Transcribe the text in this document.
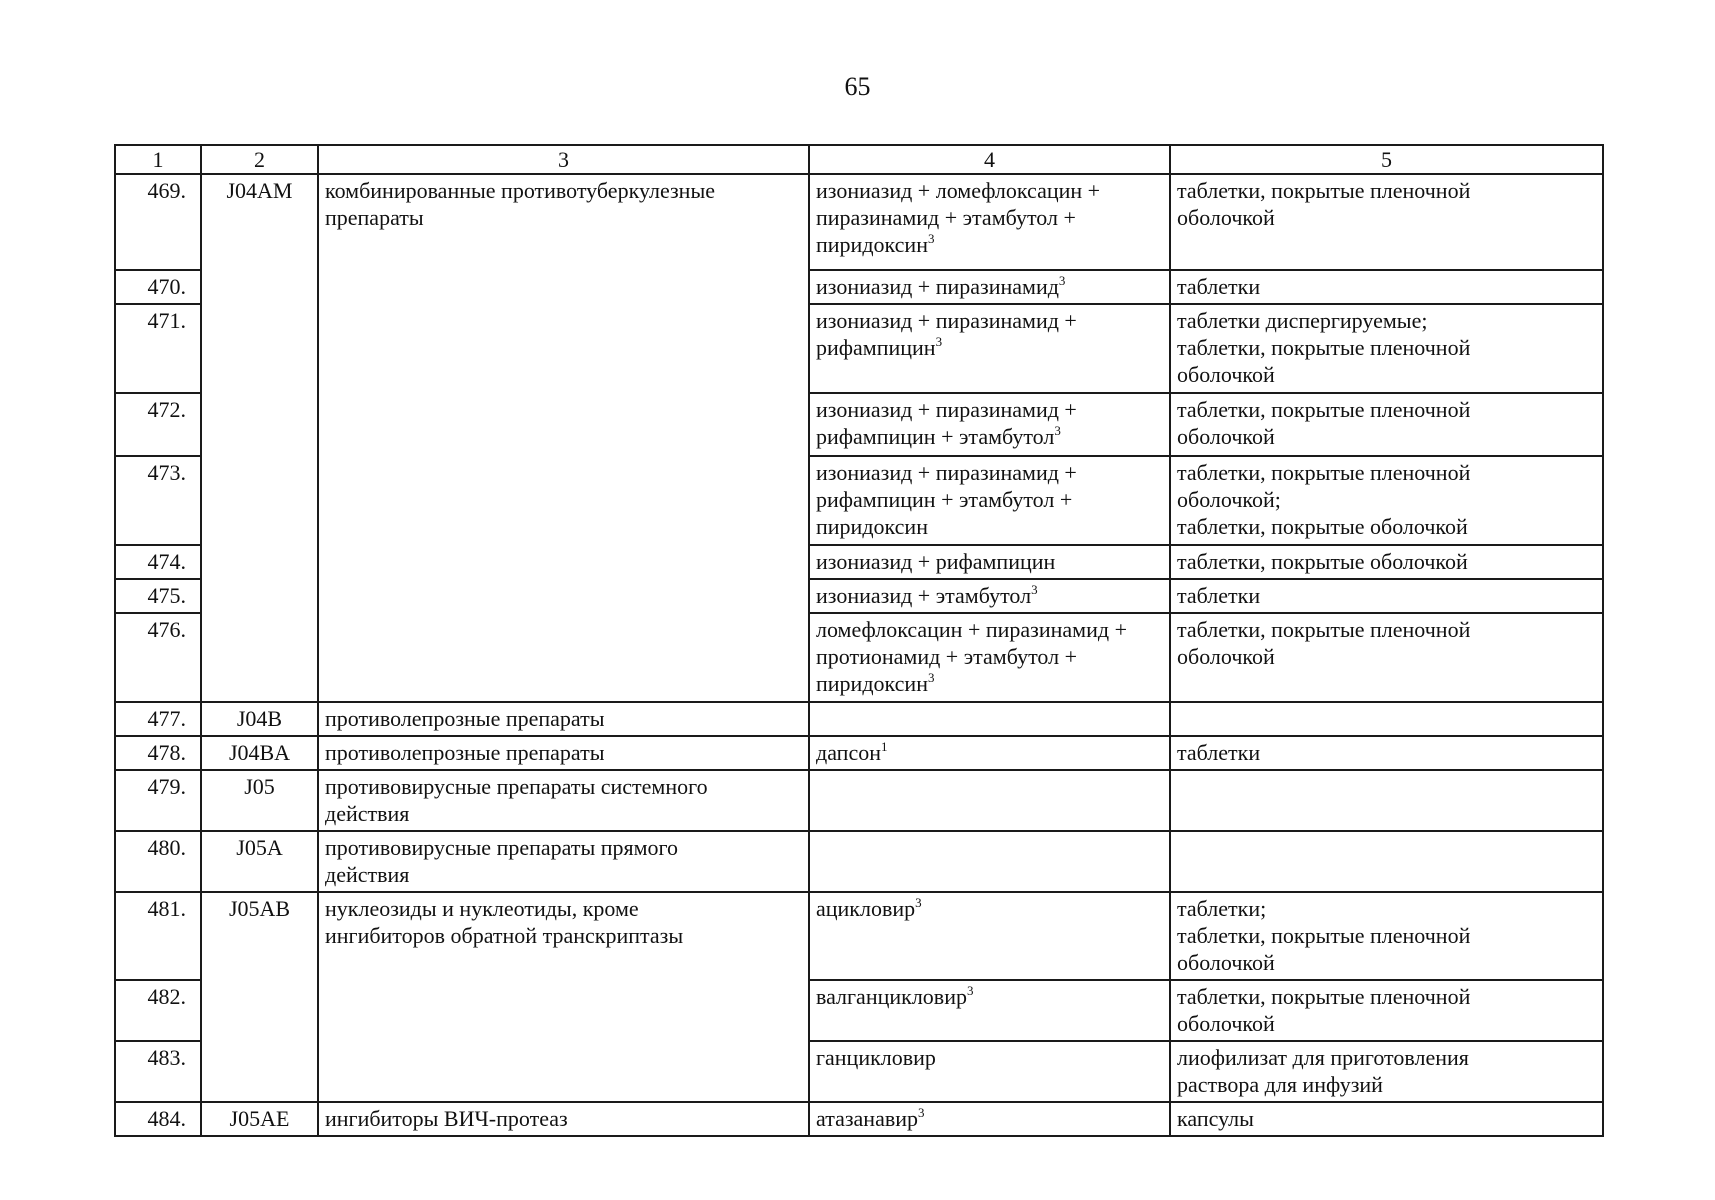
65
1	2	3	4	5
469.	J04AM	комбинированные противотуберкулезные
препараты	изониазид + ломефлоксацин +
пиразинамид + этамбутол +
пиридоксин$^3$	таблетки, покрытые пленочной
оболочкой
470.			изониазид + пиразинамид$^3$	таблетки
471.			изониазид + пиразинамид +
рифампицин$^3$	таблетки диспергируемые;
таблетки, покрытые пленочной
оболочкой
472.			изониазид + пиразинамид +
рифампицин + этамбутол$^3$	таблетки, покрытые пленочной
оболочкой
473.			изониазид + пиразинамид +
рифампицин + этамбутол +
пиридоксин	таблетки, покрытые пленочной
оболочкой;
таблетки, покрытые оболочкой
474.			изониазид + рифампицин	таблетки, покрытые оболочкой
475.			изониазид + этамбутол$^3$	таблетки
476.			ломефлоксацин + пиразинамид +
протионамид + этамбутол +
пиридоксин$^3$	таблетки, покрытые пленочной
оболочкой
477.	J04B	противолепрозные препараты		
478.	J04BA	противолепрозные препараты	дапсон$^1$	таблетки
479.	J05	противовирусные препараты системного
действия		
480.	J05A	противовирусные препараты прямого
действия		
481.	J05AB	нуклеозиды и нуклеотиды, кроме
ингибиторов обратной транскриптазы	ацикловир$^3$	таблетки;
таблетки, покрытые пленочной
оболочкой
482.			валганцикловир$^3$	таблетки, покрытые пленочной
оболочкой
483.			ганцикловир	лиофилизат для приготовления
раствора для инфузий
484.	J05AE	ингибиторы ВИЧ-протеаз	атазанавир$^3$	капсулы
